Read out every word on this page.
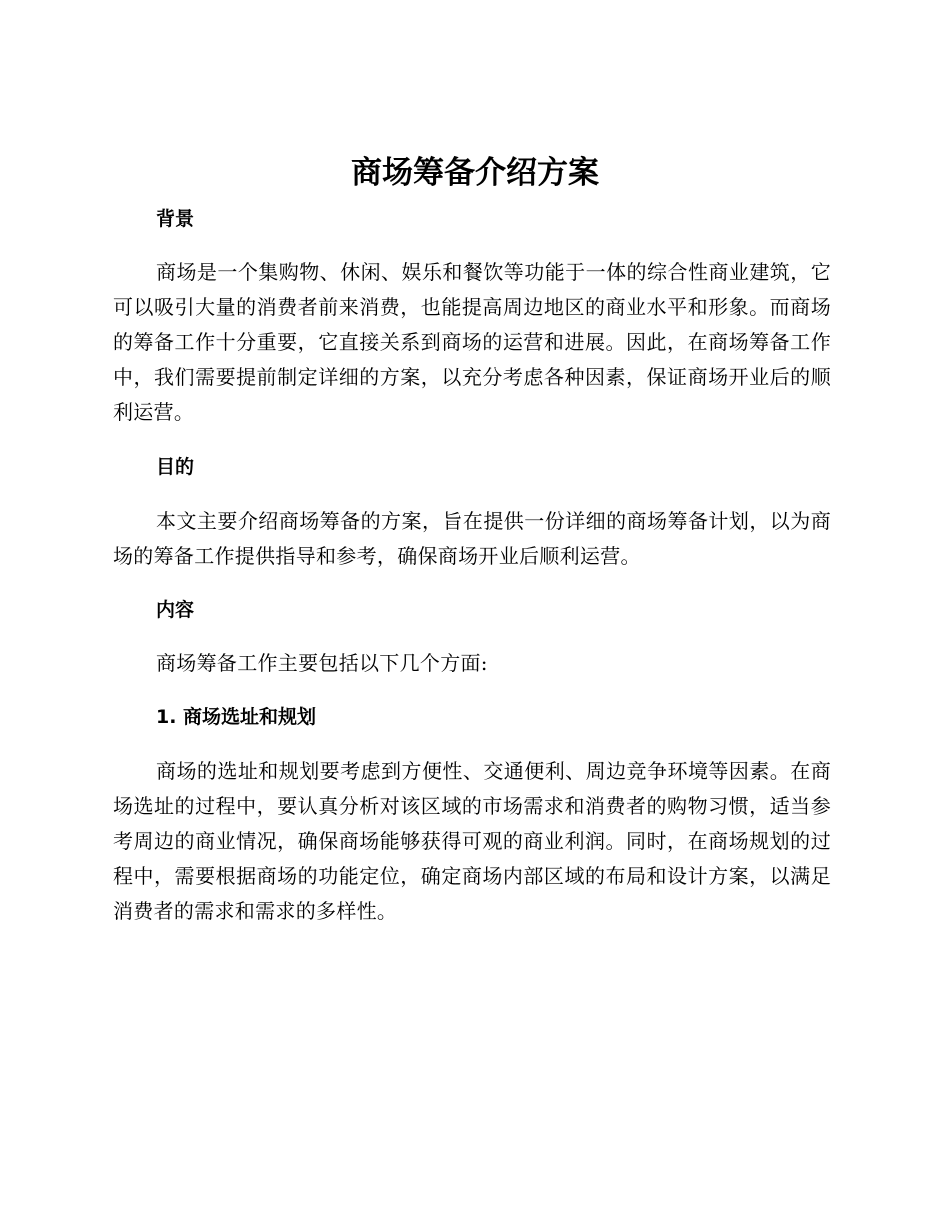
商场筹备介绍方案
背景

商场是一个集购物、休闲、娱乐和餐饮等功能于一体的综合性商业建筑，它可以吸引大量的消费者前来消费，也能提高周边地区的商业水平和形象。而商场的筹备工作十分重要，它直接关系到商场的运营和进展。因此，在商场筹备工作中，我们需要提前制定详细的方案，以充分考虑各种因素，保证商场开业后的顺利运营。

目的

本文主要介绍商场筹备的方案，旨在提供一份详细的商场筹备计划，以为商场的筹备工作提供指导和参考，确保商场开业后顺利运营。

内容

商场筹备工作主要包括以下几个方面:

1. 商场选址和规划

商场的选址和规划要考虑到方便性、交通便利、周边竞争环境等因素。在商场选址的过程中，要认真分析对该区域的市场需求和消费者的购物习惯，适当参考周边的商业情况，确保商场能够获得可观的商业利润。同时，在商场规划的过程中，需要根据商场的功能定位，确定商场内部区域的布局和设计方案，以满足消费者的需求和需求的多样性。
